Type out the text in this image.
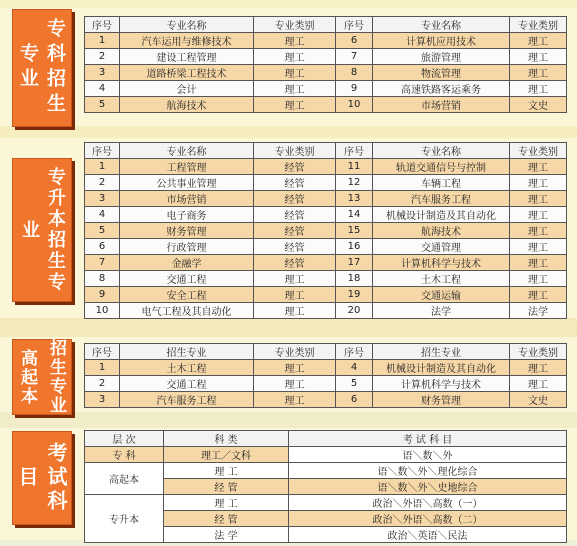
专科招生专业
序号	专业名称	专业类别	序号	专业名称	专业类别
1	汽车运用与维修技术	理工	6	计算机应用技术	理工
2	建设工程管理	理工	7	旅游管理	理工
3	道路桥梁工程技术	理工	8	物流管理	理工
4	会计	理工	9	高速铁路客运乘务	理工
5	航海技术	理工	10	市场营销	文史
专升本招生专业
序号	专业名称	专业类别	序号	专业名称	专业类别
1	工程管理	经管	11	轨道交通信号与控制	理工
2	公共事业管理	经管	12	车辆工程	理工
3	市场营销	经管	13	汽车服务工程	理工
4	电子商务	经管	14	机械设计制造及其自动化	理工
5	财务管理	经管	15	航海技术	理工
6	行政管理	经管	16	交通管理	理工
7	金融学	经管	17	计算机科学与技术	理工
8	交通工程	理工	18	土木工程	理工
9	安全工程	理工	19	交通运输	理工
10	电气工程及其自动化	理工	20	法学	法学
高起本 招生专业	序号	招生专业	专业类别	序号	招生专业	专业类别
1	土木工程	理工	4	机械设计制造及其自动化	理工
2	交通工程	理工	5	计算机科学与技术	理工
3	汽车服务工程	理工	6	财务管理	文史
考试科目
层 次	科 类	考 试 科 目
专 科	理工／文科	语＼数＼外
高起本	理 工	语＼数＼外＼理化综合
	经 管	语＼数＼外＼史地综合
专升本	理 工	政治＼外语＼高数（一）
	经 管	政治＼外语＼高数（二）
	法 学	政治＼英语＼民法
